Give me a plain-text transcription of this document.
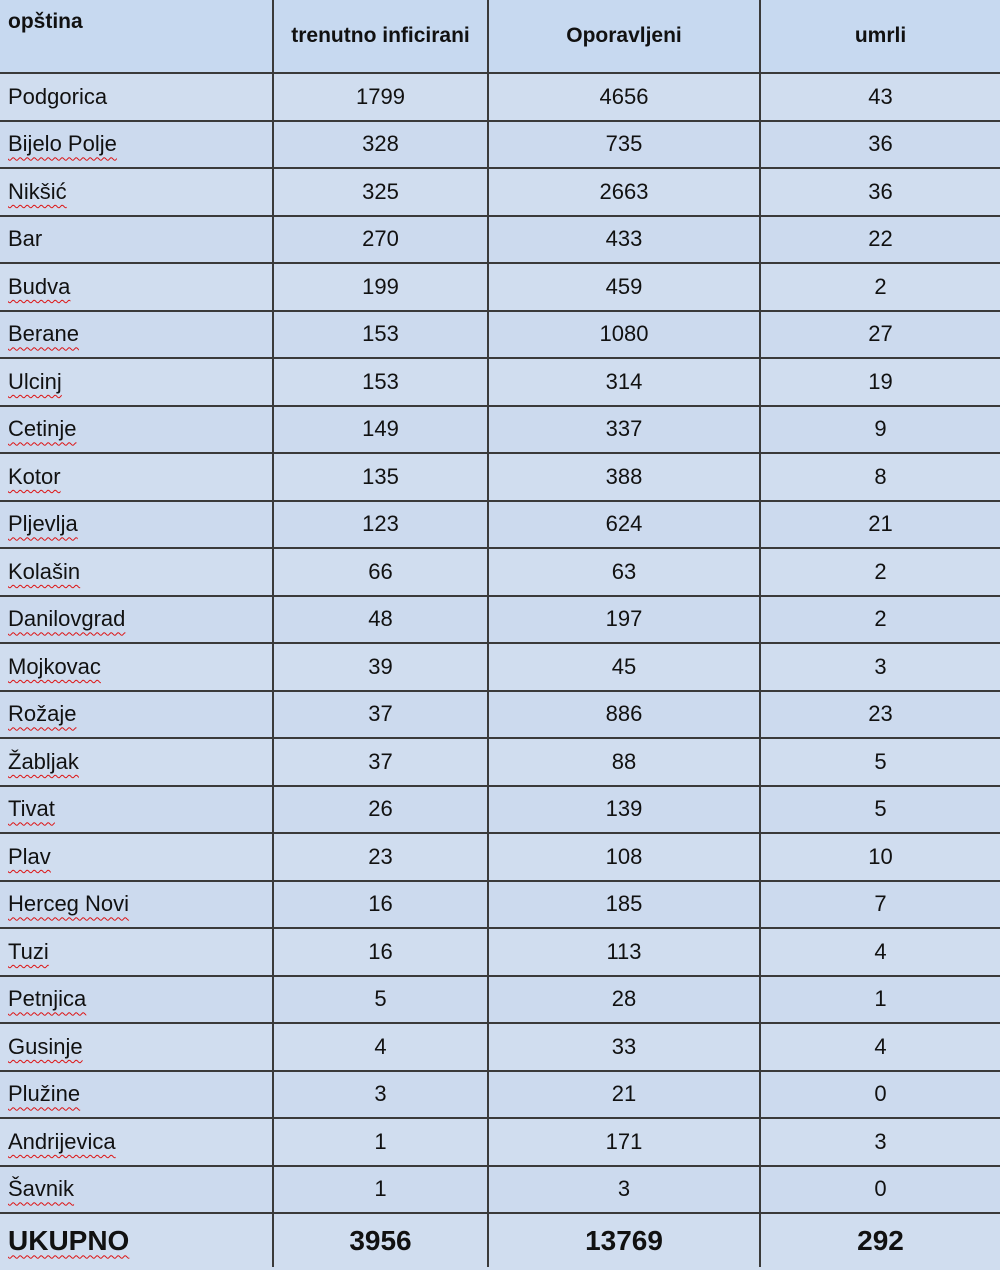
opština	trenutno inficirani	Oporavljeni	umrli
Podgorica	1799	4656	43
Bijelo Polje	328	735	36
Nikšić	325	2663	36
Bar	270	433	22
Budva	199	459	2
Berane	153	1080	27
Ulcinj	153	314	19
Cetinje	149	337	9
Kotor	135	388	8
Pljevlja	123	624	21
Kolašin	66	63	2
Danilovgrad	48	197	2
Mojkovac	39	45	3
Rožaje	37	886	23
Žabljak	37	88	5
Tivat	26	139	5
Plav	23	108	10
Herceg Novi	16	185	7
Tuzi	16	113	4
Petnjica	5	28	1
Gusinje	4	33	4
Plužine	3	21	0
Andrijevica	1	171	3
Šavnik	1	3	0
UKUPNO	3956	13769	292
